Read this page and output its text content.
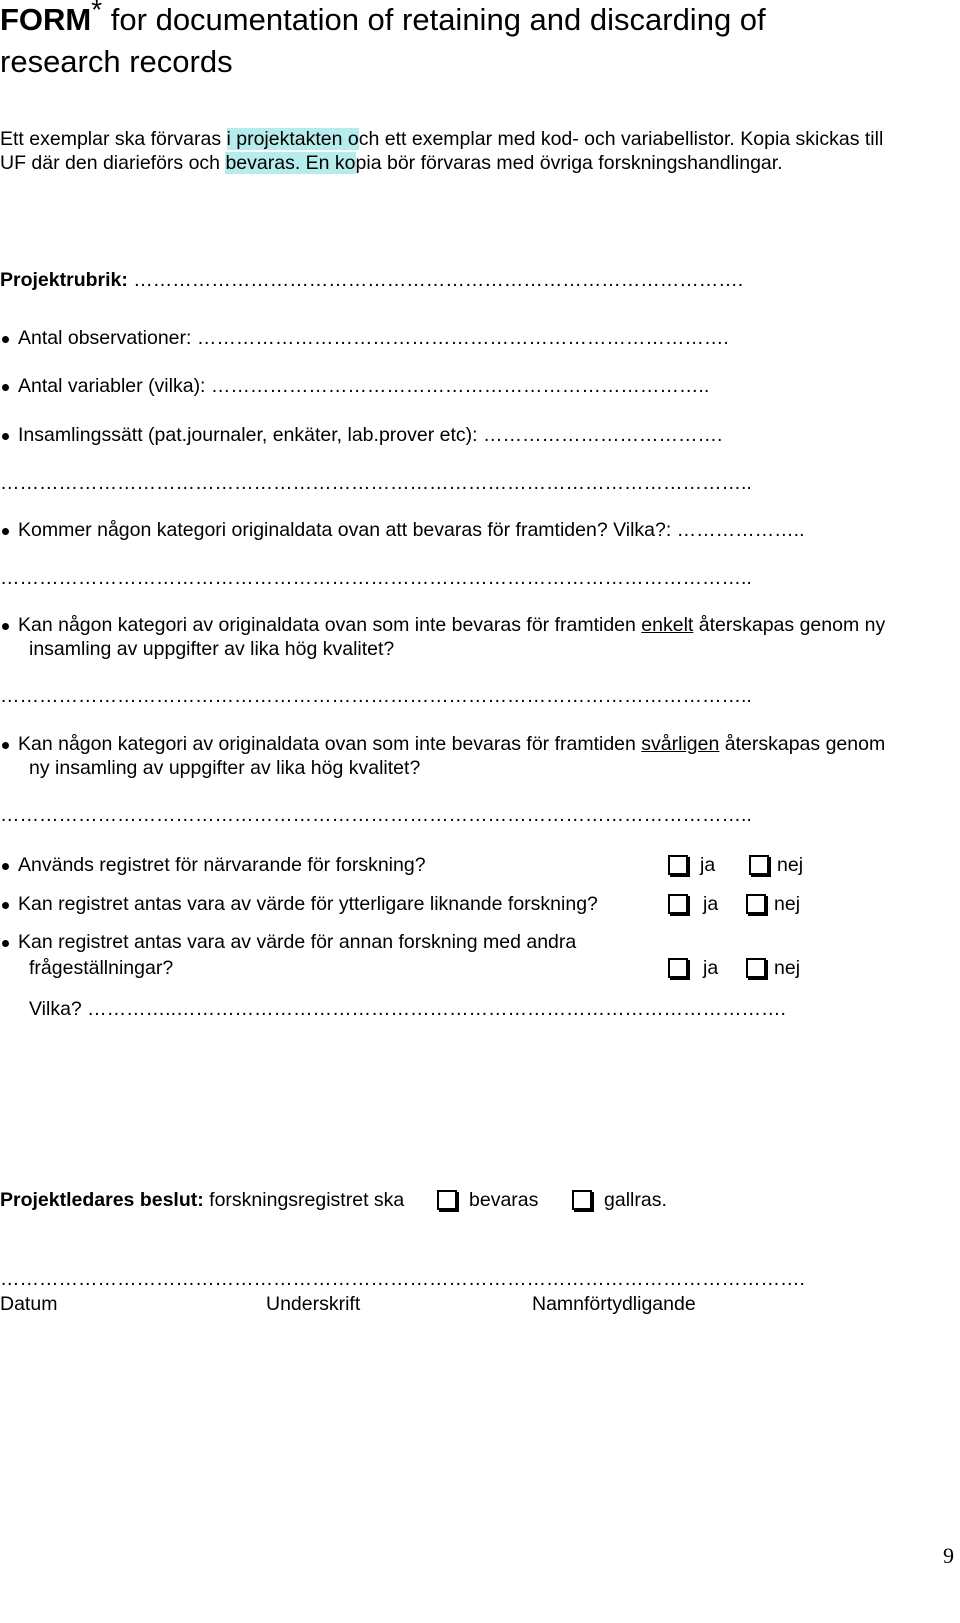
FORM* for documentation of retaining and discarding of
research records
Ett exemplar ska förvaras i projektakten och ett exemplar med kod- och variabellistor. Kopia skickas till
UF där den diarieförs och bevaras. En kopia bör förvaras med övriga forskningshandlingar.
Projektrubrik: ………………………………………………………………………………….
Antal observationer: ……………………………………………………………………….
Antal variabler (vilka): …………………………………………………………………..
Insamlingssätt (pat.journaler, enkäter, lab.prover etc): ……………………………….
……………………………………………………………………………………………………..
Kommer någon kategori originaldata ovan att bevaras för framtiden? Vilka?: ………………..
……………………………………………………………………………………………………..
Kan någon kategori av originaldata ovan som inte bevaras för framtiden enkelt återskapas genom ny
insamling av uppgifter av lika hög kvalitet?
……………………………………………………………………………………………………..
Kan någon kategori av originaldata ovan som inte bevaras för framtiden svårligen återskapas genom
ny insamling av uppgifter av lika hög kvalitet?
……………………………………………………………………………………………………..
Används registret för närvarande för forskning?	ja	nej
Kan registret antas vara av värde för ytterligare liknande forskning?	ja	nej
Kan registret antas vara av värde för annan forskning med andra
frågeställningar?	ja	nej
Vilka? …………..………………………………………………………………………………….
Projektledares beslut: forskningsregistret ska	bevaras	gallras.
…………………………………………………………………………………………………………….
Datum	Underskrift	Namnförtydligande
9
